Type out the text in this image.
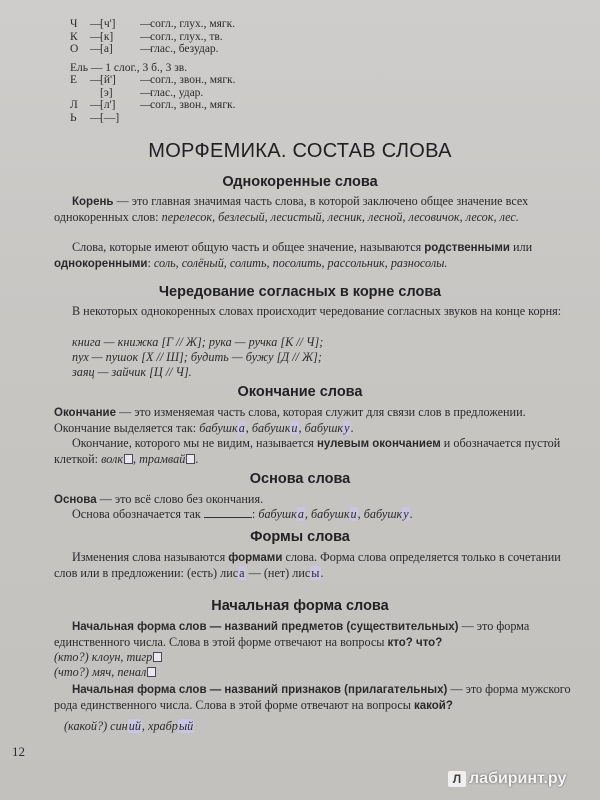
Ч —[ч'] —согл., глух., мягк.
К —[к] —согл., глух., тв.
О —[а] —глас., безудар.
Ель — 1 слог., 3 б., 3 зв.
Е —[й'] —согл., звон., мягк.
[э] —глас., удар.
Л —[л'] —согл., звон., мягк.
Ь —[—]
МОРФЕМИКА. СОСТАВ СЛОВА
Однокоренные слова
Корень — это главная значимая часть слова, в которой заключено общее значение всех однокоренных слов: перелесок, безлесый, лесистый, лесник, лесной, лесовичок, лесок, лес.
Слова, которые имеют общую часть и общее значение, называются родственными или однокоренными: соль, солёный, солить, посолить, рассольник, разносолы.
Чередование согласных в корне слова
В некоторых однокоренных словах происходит чередование согласных звуков на конце корня:
книга — книжка [Г // Ж]; рука — ручка [К // Ч];
пух — пушок [Х // Ш]; будить — бужу [Д // Ж];
заяц — зайчик [Ц // Ч].
Окончание слова
Окончание — это изменяемая часть слова, которая служит для связи слов в предложении. Окончание выделяется так: бабушка, бабушки, бабушку.
Окончание, которого мы не видим, называется нулевым окончанием и обозначается пустой клеткой: волк , трамвай .
Основа слова
Основа — это всё слово без окончания.
Основа обозначается так	: бабушка, бабушки, бабушку.
Формы слова
Изменения слова называются формами слова. Форма слова определяется только в сочетании слов или в предложении: (есть) лиса — (нет) лисы.
Начальная форма слова
Начальная форма слов — названий предметов (существительных) — это форма единственного числа. Слова в этой форме отвечают на вопросы кто? что?
(кто?) клоун, тигр
(что?) мяч, пенал
Начальная форма слов — названий признаков (прилагательных) — это форма мужского рода единственного числа. Слова в этой форме отвечают на вопросы какой?
(какой?) синий, храбрый
12
Л лабиринт.ру
